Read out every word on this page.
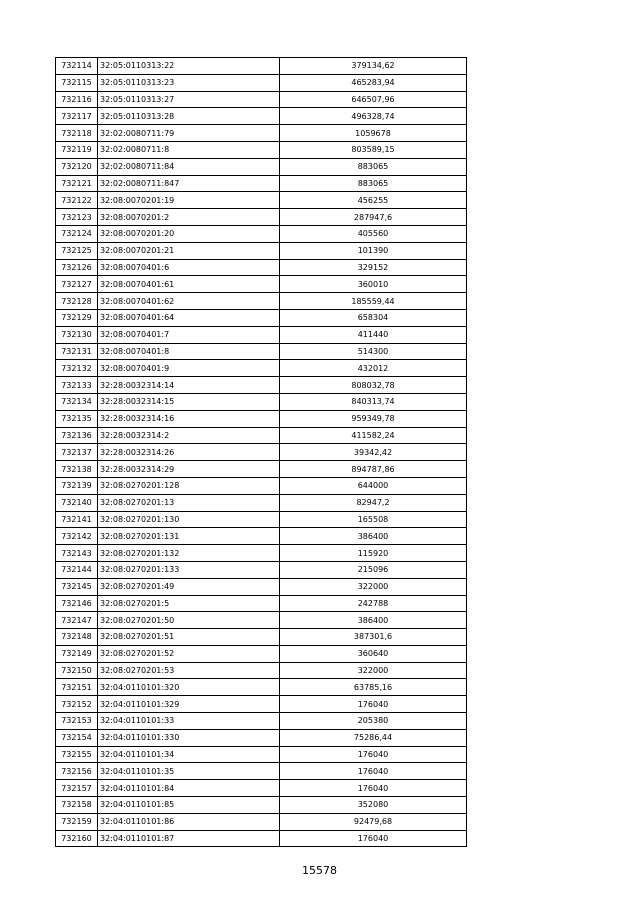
732114	32:05:0110313:22	379134,62
732115	32:05:0110313:23	465283,94
732116	32:05:0110313:27	646507,96
732117	32:05:0110313:28	496328,74
732118	32:02:0080711:79	1059678
732119	32:02:0080711:8	803589,15
732120	32:02:0080711:84	883065
732121	32:02:0080711:847	883065
732122	32:08:0070201:19	456255
732123	32:08:0070201:2	287947,6
732124	32:08:0070201:20	405560
732125	32:08:0070201:21	101390
732126	32:08:0070401:6	329152
732127	32:08:0070401:61	360010
732128	32:08:0070401:62	185559,44
732129	32:08:0070401:64	658304
732130	32:08:0070401:7	411440
732131	32:08:0070401:8	514300
732132	32:08:0070401:9	432012
732133	32:28:0032314:14	808032,78
732134	32:28:0032314:15	840313,74
732135	32:28:0032314:16	959349,78
732136	32:28:0032314:2	411582,24
732137	32:28:0032314:26	39342,42
732138	32:28:0032314:29	894787,86
732139	32:08:0270201:128	644000
732140	32:08:0270201:13	82947,2
732141	32:08:0270201:130	165508
732142	32:08:0270201:131	386400
732143	32:08:0270201:132	115920
732144	32:08:0270201:133	215096
732145	32:08:0270201:49	322000
732146	32:08:0270201:5	242788
732147	32:08:0270201:50	386400
732148	32:08:0270201:51	387301,6
732149	32:08:0270201:52	360640
732150	32:08:0270201:53	322000
732151	32:04:0110101:320	63785,16
732152	32:04:0110101:329	176040
732153	32:04:0110101:33	205380
732154	32:04:0110101:330	75286,44
732155	32:04:0110101:34	176040
732156	32:04:0110101:35	176040
732157	32:04:0110101:84	176040
732158	32:04:0110101:85	352080
732159	32:04:0110101:86	92479,68
732160	32:04:0110101:87	176040
15578
